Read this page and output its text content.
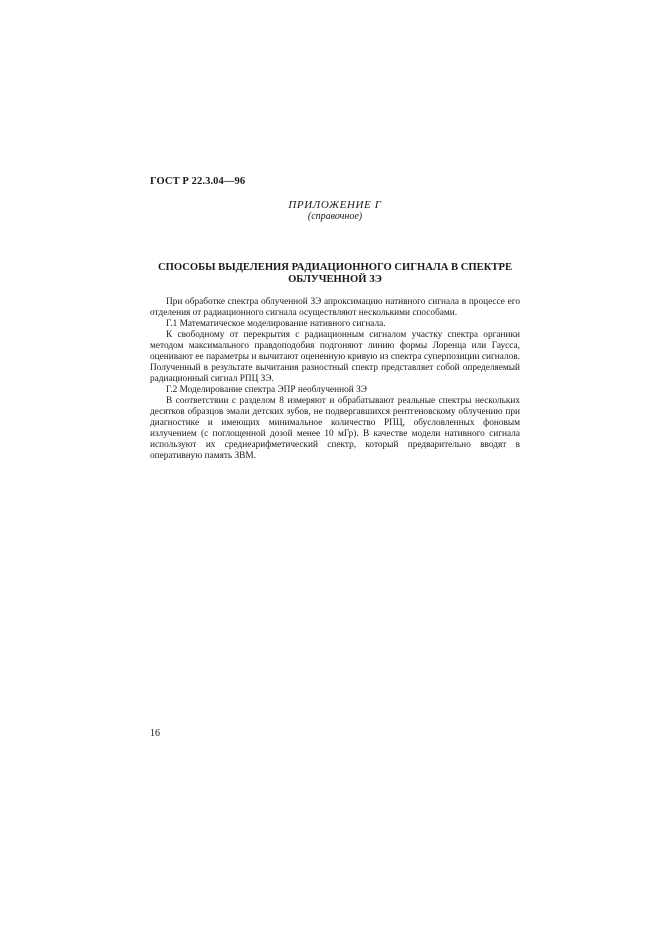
ГОСТ Р 22.3.04—96
ПРИЛОЖЕНИЕ Г
(справочное)
СПОСОБЫ ВЫДЕЛЕНИЯ РАДИАЦИОННОГО СИГНАЛА В СПЕКТРЕ
ОБЛУЧЕННОЙ ЗЭ

При обработке спектра облученной ЗЭ апроксимацию нативного сигнала в процессе его отделения от радиационного сигнала осуществляют несколькими способами.

Г.1 Математическое моделирование нативного сигнала.

К свободному от перекрытия с радиационным сигналом участку спектра органики методом максимального правдоподобия подгоняют линию формы Лоренца или Гаусса, оценивают ее параметры и вычитают оцененную кривую из спектра суперпозиции сигналов. Полученный в результате вычитания разностный спектр представляет собой определяемый радиационный сигнал РПЦ ЗЭ.

Г.2 Моделирование спектра ЭПР необлученной ЗЭ

В соответствии с разделом 8 измеряют и обрабатывают реальные спектры нескольких десятков образцов эмали детских зубов, не подвергавшихся рентгеновскому облучению при диагностике и имеющих минимальное количество РПЦ, обусловленных фоновым излучением (с поглощенной дозой менее 10 мГр). В качестве модели нативного сигнала используют их среднеарифметический спектр, который предварительно вводят в оперативную память ЗВМ.

16
